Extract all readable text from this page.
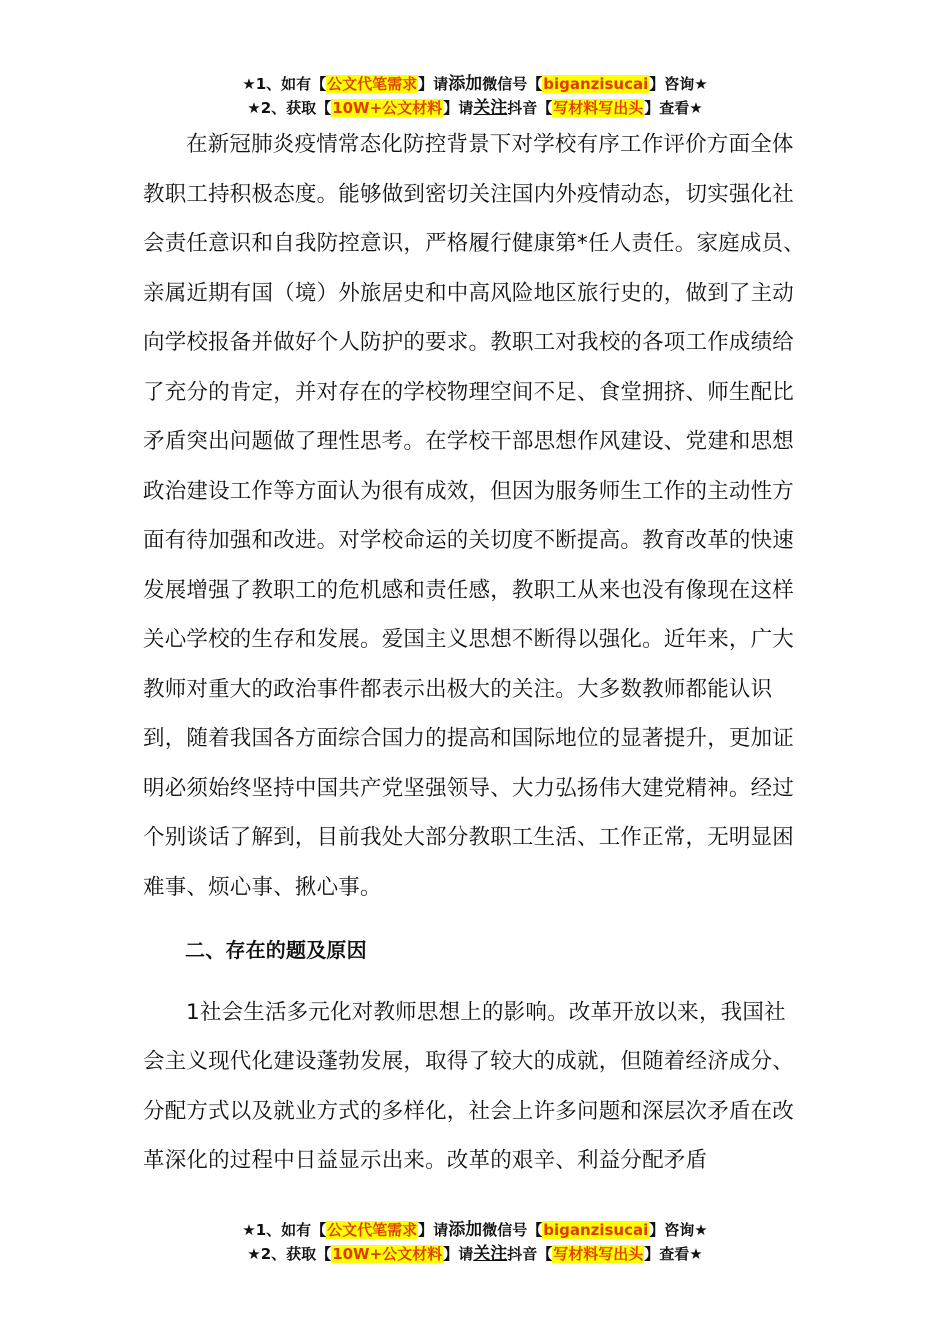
★1、如有【公文代笔需求】请添加微信号【biganzisucai】咨询★
★2、获取【10W+公文材料】请关注抖音【写材料写出头】查看★

在新冠肺炎疫情常态化防控背景下对学校有序工作评价方面全体教职工持积极态度。能够做到密切关注国内外疫情动态，切实强化社会责任意识和自我防控意识，严格履行健康第*任人责任。家庭成员、亲属近期有国（境）外旅居史和中高风险地区旅行史的，做到了主动向学校报备并做好个人防护的要求。教职工对我校的各项工作成绩给了充分的肯定，并对存在的学校物理空间不足、食堂拥挤、师生配比矛盾突出问题做了理性思考。在学校干部思想作风建设、党建和思想政治建设工作等方面认为很有成效，但因为服务师生工作的主动性方面有待加强和改进。对学校命运的关切度不断提高。教育改革的快速发展增强了教职工的危机感和责任感，教职工从来也没有像现在这样关心学校的生存和发展。爱国主义思想不断得以强化。近年来，广大教师对重大的政治事件都表示出极大的关注。大多数教师都能认识到，随着我国各方面综合国力的提高和国际地位的显著提升，更加证明必须始终坚持中国共产党坚强领导、大力弘扬伟大建党精神。经过个别谈话了解到，目前我处大部分教职工生活、工作正常，无明显困难事、烦心事、揪心事。

二、存在的题及原因

1社会生活多元化对教师思想上的影响。改革开放以来，我国社会主义现代化建设蓬勃发展，取得了较大的成就，但随着经济成分、分配方式以及就业方式的多样化，社会上许多问题和深层次矛盾在改革深化的过程中日益显示出来。改革的艰辛、利益分配矛盾

★1、如有【公文代笔需求】请添加微信号【biganzisucai】咨询★
★2、获取【10W+公文材料】请关注抖音【写材料写出头】查看★
